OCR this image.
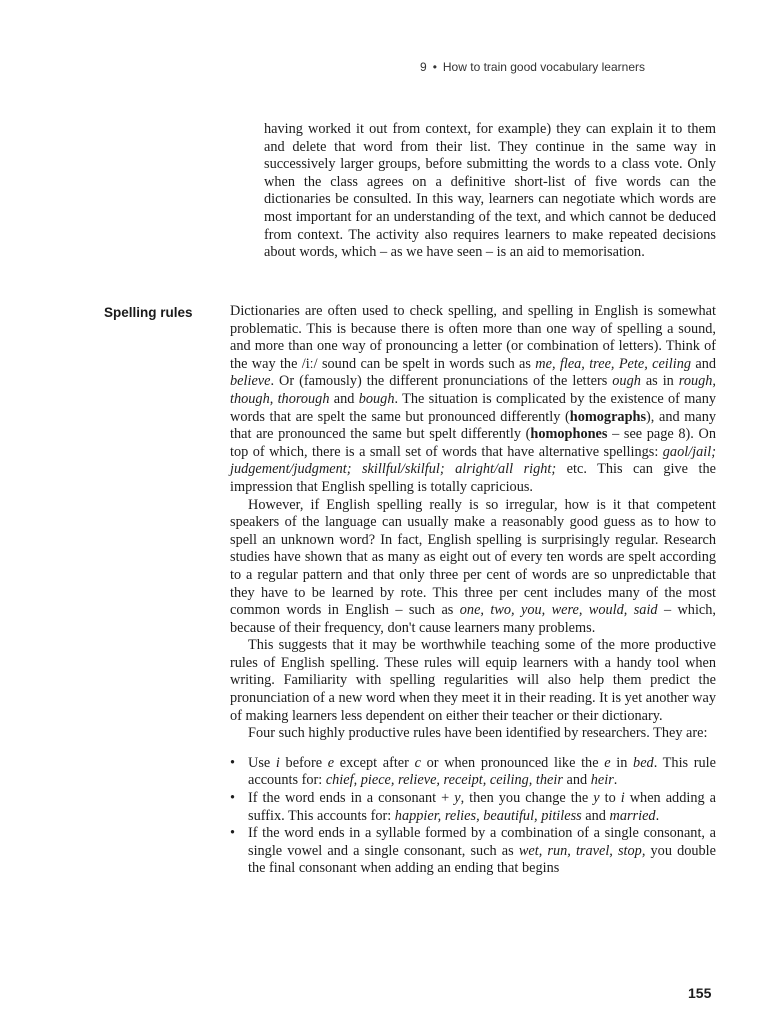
9 • How to train good vocabulary learners

having worked it out from context, for example) they can explain it to them and delete that word from their list. They continue in the same way in successively larger groups, before submitting the words to a class vote. Only when the class agrees on a definitive short-list of five words can the dictionaries be consulted. In this way, learners can negotiate which words are most important for an understanding of the text, and which cannot be deduced from context. The activity also requires learners to make repeated decisions about words, which – as we have seen – is an aid to memorisation.

Spelling rules	Dictionaries are often used to check spelling, and spelling in English is somewhat problematic. This is because there is often more than one way of spelling a sound, and more than one way of pronouncing a letter (or combination of letters). Think of the way the /iː/ sound can be spelt in words such as me, flea, tree, Pete, ceiling and believe. Or (famously) the different pronunciations of the letters ough as in rough, though, thorough and bough. The situation is complicated by the existence of many words that are spelt the same but pronounced differently (homographs), and many that are pronounced the same but spelt differently (homophones – see page 8). On top of which, there is a small set of words that have alternative spellings: gaol/jail; judgement/judgment; skillful/skilful; alright/all right; etc. This can give the impression that English spelling is totally capricious.

However, if English spelling really is so irregular, how is it that competent speakers of the language can usually make a reasonably good guess as to how to spell an unknown word? In fact, English spelling is surprisingly regular. Research studies have shown that as many as eight out of every ten words are spelt according to a regular pattern and that only three per cent of words are so unpredictable that they have to be learned by rote. This three per cent includes many of the most common words in English – such as one, two, you, were, would, said – which, because of their frequency, don't cause learners many problems.

This suggests that it may be worthwhile teaching some of the more productive rules of English spelling. These rules will equip learners with a handy tool when writing. Familiarity with spelling regularities will also help them predict the pronunciation of a new word when they meet it in their reading. It is yet another way of making learners less dependent on either their teacher or their dictionary.

Four such highly productive rules have been identified by researchers. They are:

• Use i before e except after c or when pronounced like the e in bed. This rule accounts for: chief, piece, relieve, receipt, ceiling, their and heir.
• If the word ends in a consonant + y, then you change the y to i when adding a suffix. This accounts for: happier, relies, beautiful, pitiless and married.
• If the word ends in a syllable formed by a combination of a single consonant, a single vowel and a single consonant, such as wet, run, travel, stop, you double the final consonant when adding an ending that begins
155
